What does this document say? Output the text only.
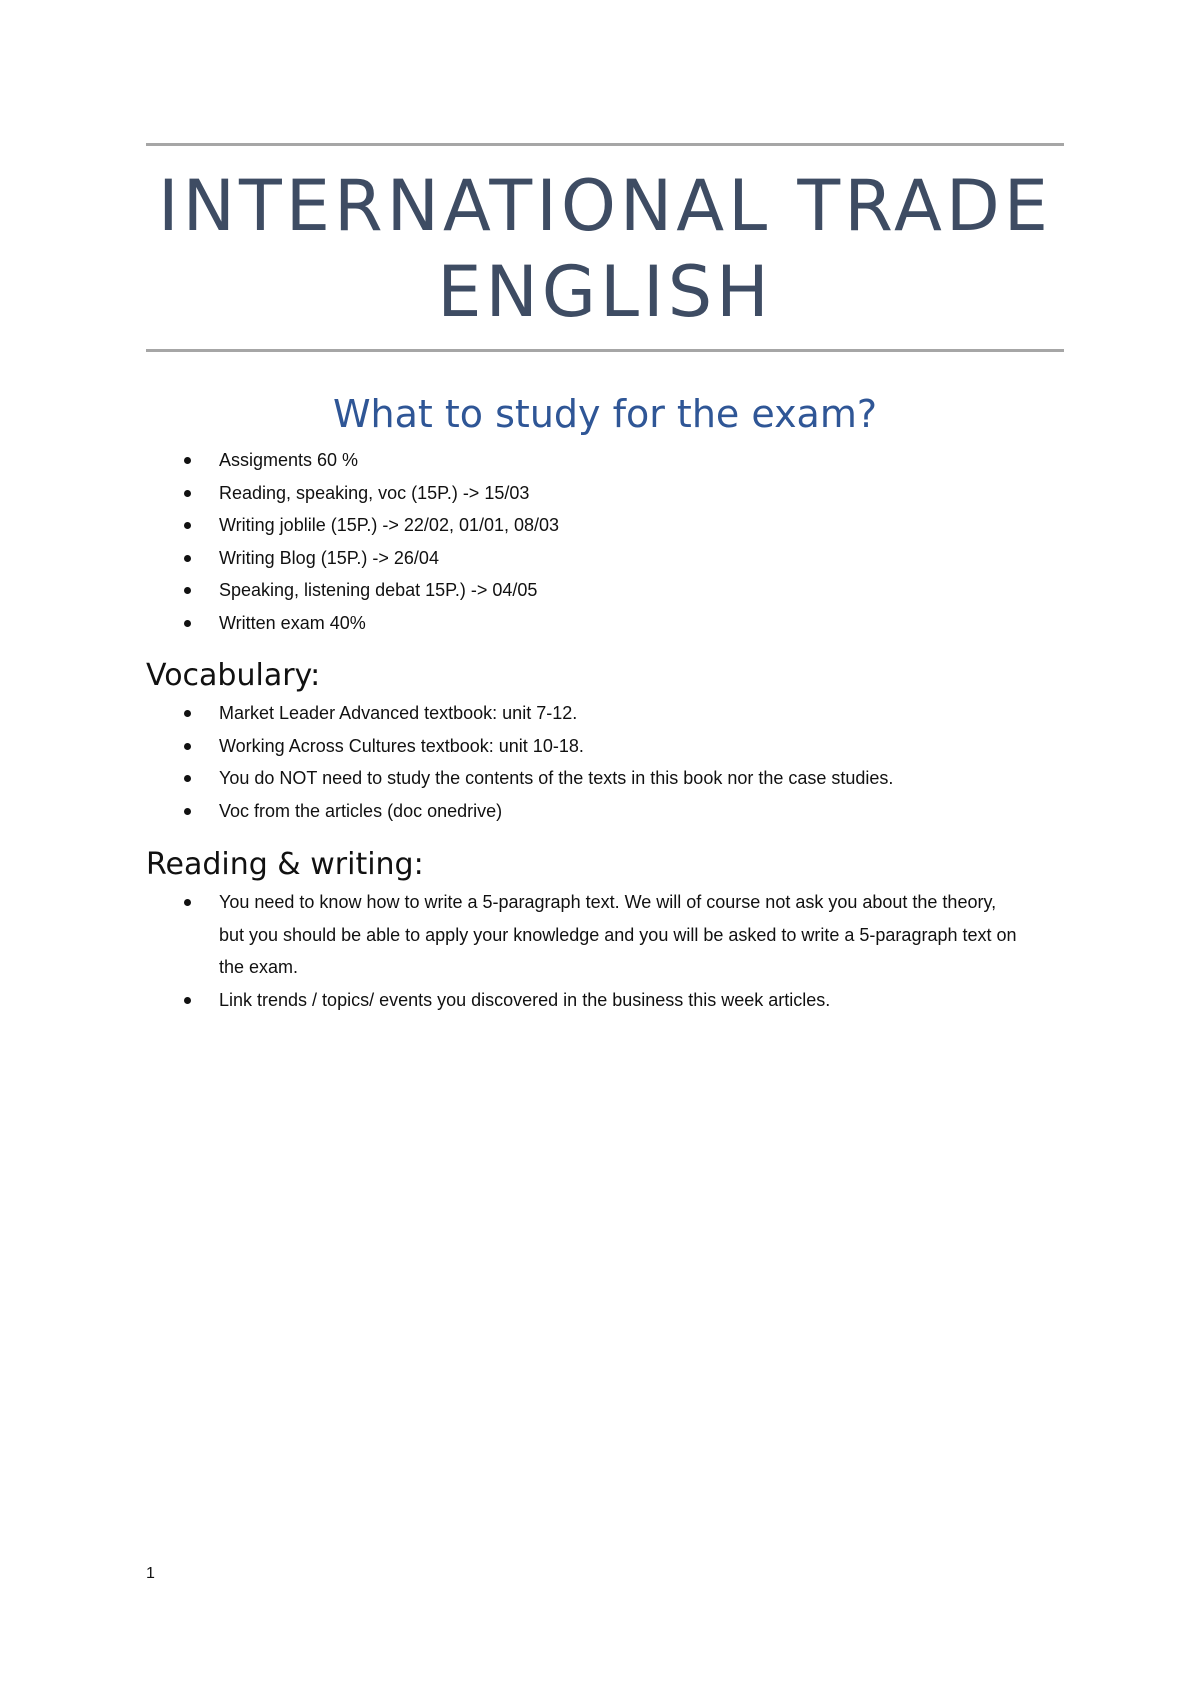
INTERNATIONAL TRADE
ENGLISH
What to study for the exam?
Assigments 60 %
Reading, speaking, voc (15P.) -> 15/03
Writing joblile (15P.) -> 22/02, 01/01, 08/03
Writing Blog (15P.) -> 26/04
Speaking, listening debat 15P.) -> 04/05
Written exam 40%
Vocabulary:
Market Leader Advanced textbook: unit 7-12.
Working Across Cultures textbook: unit 10-18.
You do NOT need to study the contents of the texts in this book nor the case studies.
Voc from the articles (doc onedrive)
Reading & writing:
You need to know how to write a 5-paragraph text. We will of course not ask you about the theory, but you should be able to apply your knowledge and you will be asked to write a 5-paragraph text on the exam.
Link trends / topics/ events you discovered in the business this week articles.
1
